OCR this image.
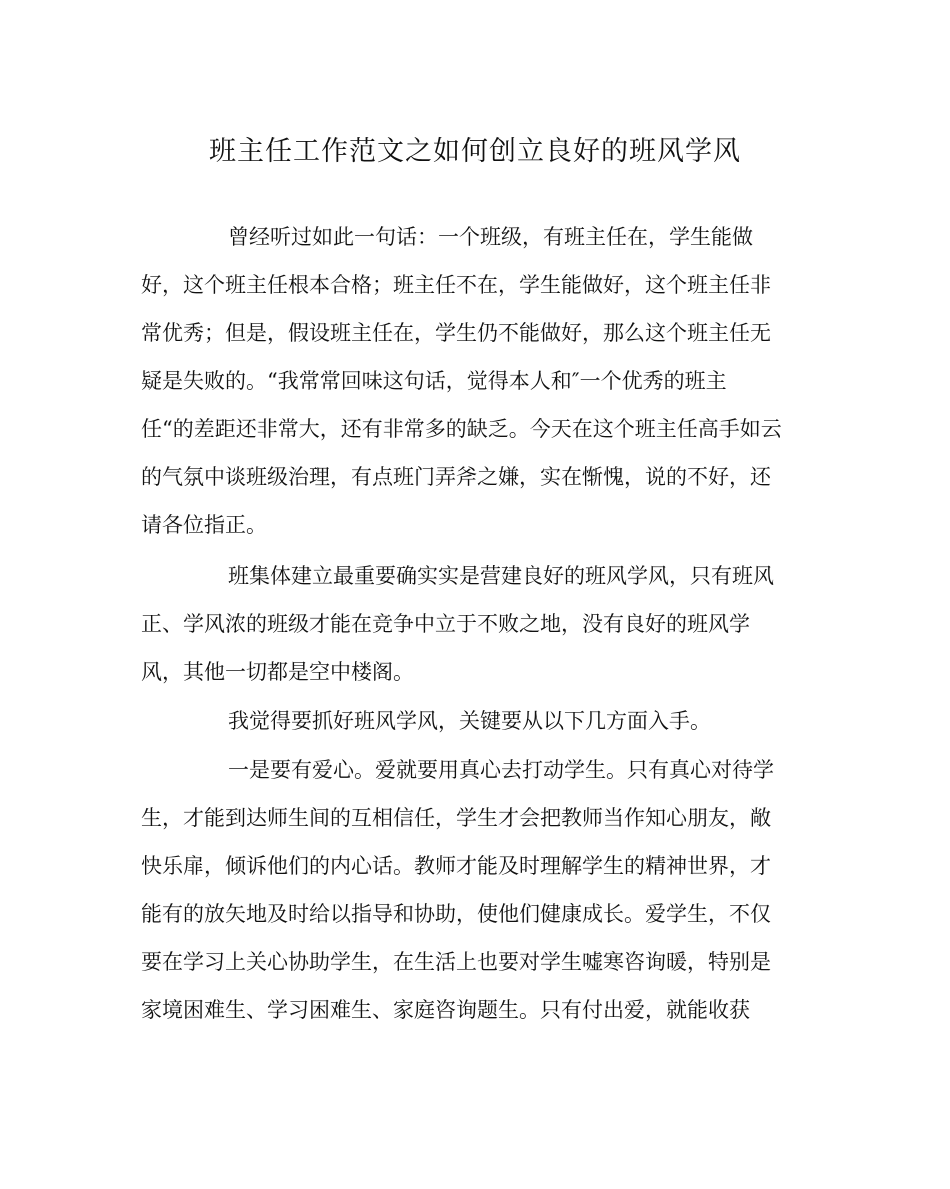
班主任工作范文之如何创立良好的班风学风

曾经听过如此一句话：一个班级，有班主任在，学生能做

好，这个班主任根本合格；班主任不在，学生能做好，这个班主任非

常优秀；但是，假设班主任在，学生仍不能做好，那么这个班主任无

疑是失败的。“我常常回味这句话，觉得本人和″一个优秀的班主

任“的差距还非常大，还有非常多的缺乏。今天在这个班主任高手如云

的气氛中谈班级治理，有点班门弄斧之嫌，实在惭愧，说的不好，还

请各位指正。

班集体建立最重要确实实是营建良好的班风学风，只有班风

正、学风浓的班级才能在竞争中立于不败之地，没有良好的班风学

风，其他一切都是空中楼阁。

我觉得要抓好班风学风，关键要从以下几方面入手。

一是要有爱心。爱就要用真心去打动学生。只有真心对待学

生，才能到达师生间的互相信任，学生才会把教师当作知心朋友，敞

快乐扉，倾诉他们的内心话。教师才能及时理解学生的精神世界，才

能有的放矢地及时给以指导和协助，使他们健康成长。爱学生，不仅

要在学习上关心协助学生，在生活上也要对学生嘘寒咨询暖，特别是

家境困难生、学习困难生、家庭咨询题生。只有付出爱，就能收获
